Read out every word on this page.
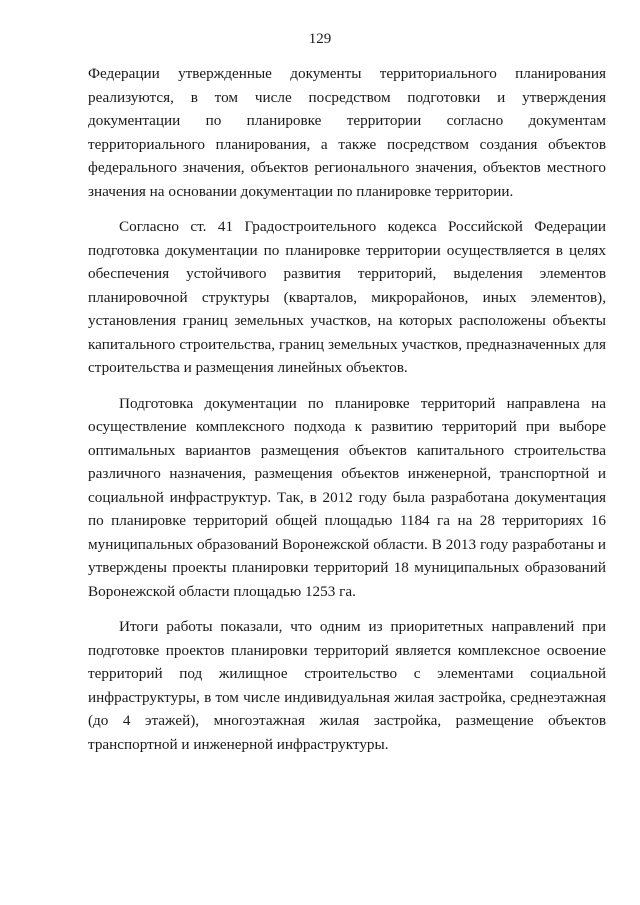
129

Федерации утвержденные документы территориального планирования реализуются, в том числе посредством подготовки и утверждения документации по планировке территории согласно документам территориального планирования, а также посредством создания объектов федерального значения, объектов регионального значения, объектов местного значения на основании документации по планировке территории.

Согласно ст. 41 Градостроительного кодекса Российской Федерации подготовка документации по планировке территории осуществляется в целях обеспечения устойчивого развития территорий, выделения элементов планировочной структуры (кварталов, микрорайонов, иных элементов), установления границ земельных участков, на которых расположены объекты капитального строительства, границ земельных участков, предназначенных для строительства и размещения линейных объектов.

Подготовка документации по планировке территорий направлена на осуществление комплексного подхода к развитию территорий при выборе оптимальных вариантов размещения объектов капитального строительства различного назначения, размещения объектов инженерной, транспортной и социальной инфраструктур. Так, в 2012 году была разработана документация по планировке территорий общей площадью 1184 га на 28 территориях 16 муниципальных образований Воронежской области. В 2013 году разработаны и утверждены проекты планировки территорий 18 муниципальных образований Воронежской области площадью 1253 га.

Итоги работы показали, что одним из приоритетных направлений при подготовке проектов планировки территорий является комплексное освоение территорий под жилищное строительство с элементами социальной инфраструктуры, в том числе индивидуальная жилая застройка, среднеэтажная (до 4 этажей), многоэтажная жилая застройка, размещение объектов транспортной и инженерной инфраструктуры.
